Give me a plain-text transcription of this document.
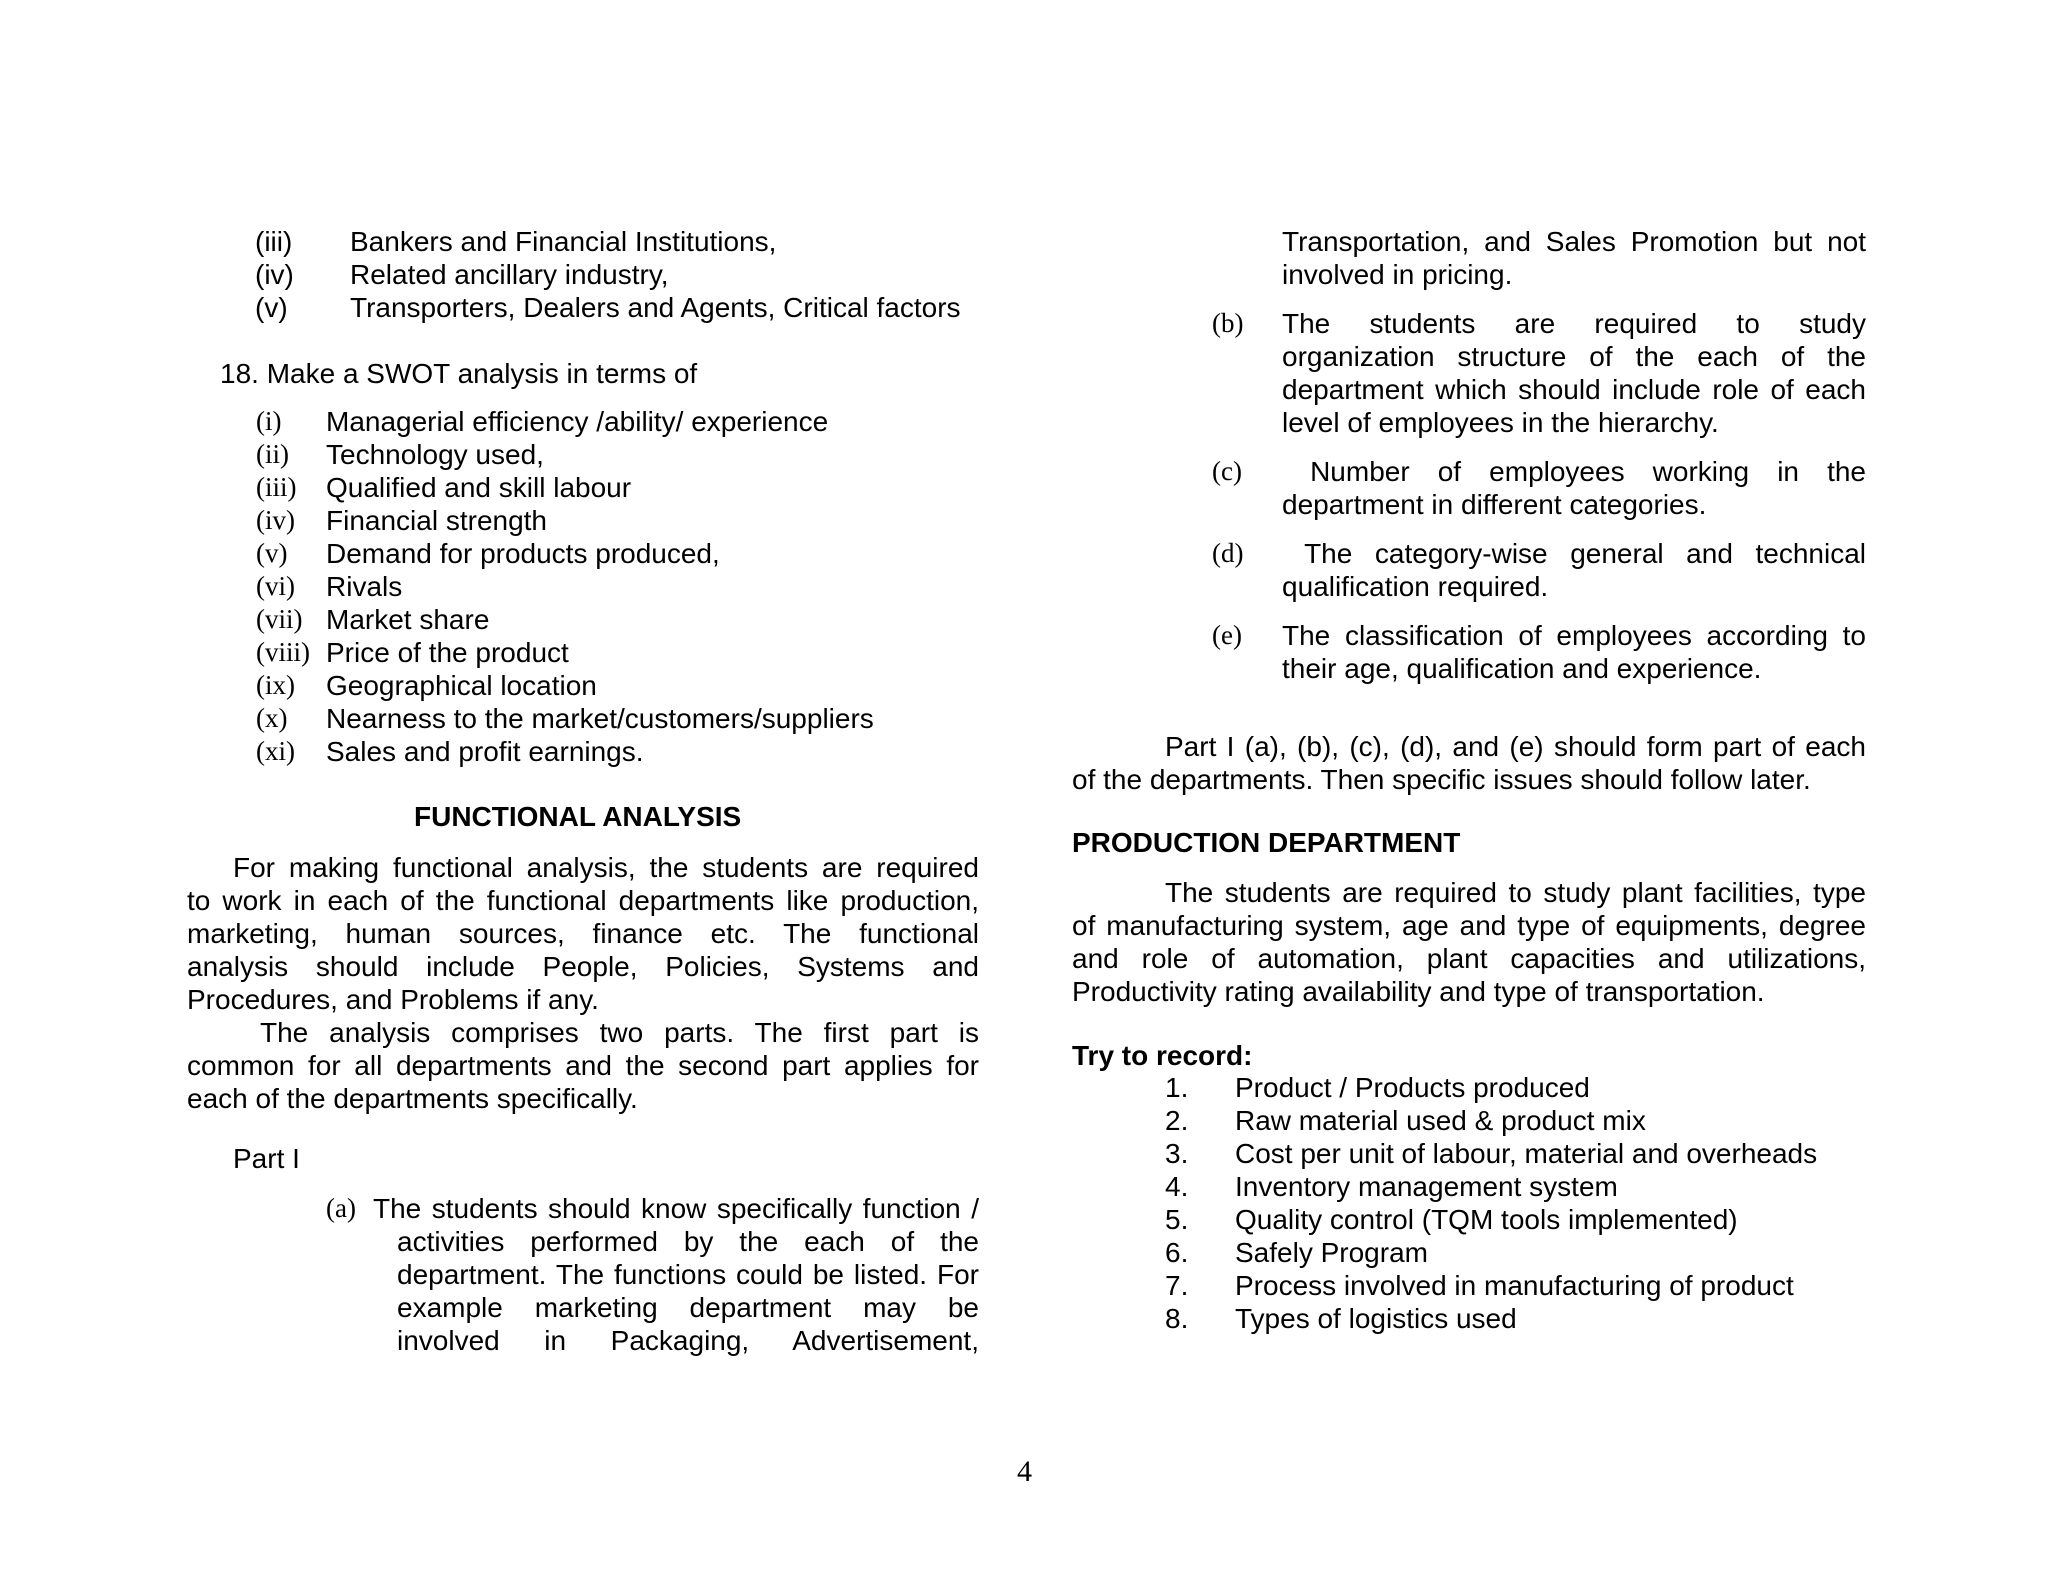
(iii) Bankers and Financial Institutions,
(iv) Related ancillary industry,
(v) Transporters, Dealers and Agents, Critical factors
18. Make a SWOT analysis in terms of
(i) Managerial efficiency /ability/ experience
(ii) Technology used,
(iii) Qualified and skill labour
(iv) Financial strength
(v) Demand for products produced,
(vi) Rivals
(vii) Market share
(viii) Price of the product
(ix) Geographical location
(x) Nearness to the market/customers/suppliers
(xi) Sales and profit earnings.
FUNCTIONAL ANALYSIS
For making functional analysis, the students are required
to work in each of the functional departments like production,
marketing, human sources, finance etc. The functional
analysis should include People, Policies, Systems and
Procedures, and Problems if any.
The analysis comprises two parts. The first part is
common for all departments and the second part applies for
each of the departments specifically.
Part I
(a) The students should know specifically function /
activities performed by the each of the
department. The functions could be listed. For
example marketing department may be
involved in Packaging, Advertisement,
Transportation, and Sales Promotion but not
involved in pricing.
(b) The students are required to study
organization structure of the each of the
department which should include role of each
level of employees in the hierarchy.
(c) Number of employees working in the
department in different categories.
(d) The category-wise general and technical
qualification required.
(e) The classification of employees according to
their age, qualification and experience.
Part I (a), (b), (c), (d), and (e) should form part of each
of the departments. Then specific issues should follow later.
PRODUCTION DEPARTMENT
The students are required to study plant facilities, type
of manufacturing system, age and type of equipments, degree
and role of automation, plant capacities and utilizations,
Productivity rating availability and type of transportation.
Try to record:
1. Product / Products produced
2. Raw material used & product mix
3. Cost per unit of labour, material and overheads
4. Inventory management system
5. Quality control (TQM tools implemented)
6. Safely Program
7. Process involved in manufacturing of product
8. Types of logistics used
4
